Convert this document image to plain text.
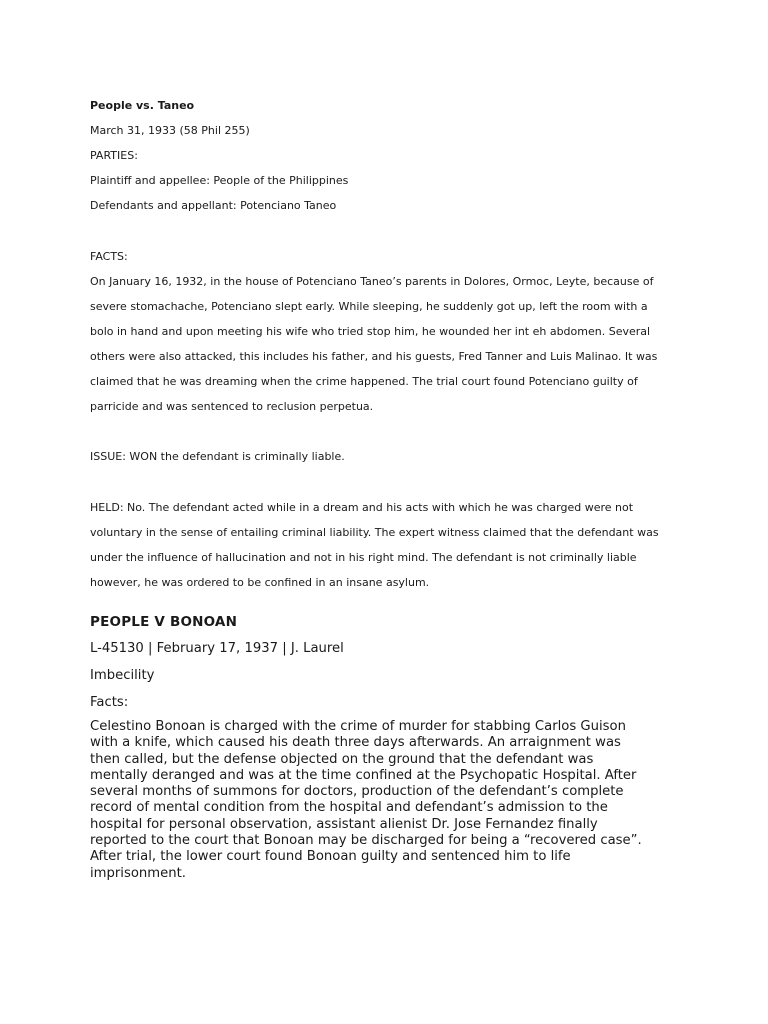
People vs. Taneo
March 31, 1933 (58 Phil 255)
PARTIES:
Plaintiff and appellee: People of the Philippines
Defendants and appellant: Potenciano Taneo
FACTS:
On January 16, 1932, in the house of Potenciano Taneo’s parents in Dolores, Ormoc, Leyte, because of
severe stomachache, Potenciano slept early. While sleeping, he suddenly got up, left the room with a
bolo in hand and upon meeting his wife who tried stop him, he wounded her int eh abdomen. Several
others were also attacked, this includes his father, and his guests, Fred Tanner and Luis Malinao. It was
claimed that he was dreaming when the crime happened. The trial court found Potenciano guilty of
parricide and was sentenced to reclusion perpetua.
ISSUE: WON the defendant is criminally liable.
HELD: No. The defendant acted while in a dream and his acts with which he was charged were not
voluntary in the sense of entailing criminal liability. The expert witness claimed that the defendant was
under the influence of hallucination and not in his right mind. The defendant is not criminally liable
however, he was ordered to be confined in an insane asylum.
PEOPLE V BONOAN
L-45130 | February 17, 1937 | J. Laurel
Imbecility
Facts:
Celestino Bonoan is charged with the crime of murder for stabbing Carlos Guison
with a knife, which caused his death three days afterwards. An arraignment was
then called, but the defense objected on the ground that the defendant was
mentally deranged and was at the time confined at the Psychopatic Hospital. After
several months of summons for doctors, production of the defendant’s complete
record of mental condition from the hospital and defendant’s admission to the
hospital for personal observation, assistant alienist Dr. Jose Fernandez finally
reported to the court that Bonoan may be discharged for being a “recovered case”.
After trial, the lower court found Bonoan guilty and sentenced him to life
imprisonment.
